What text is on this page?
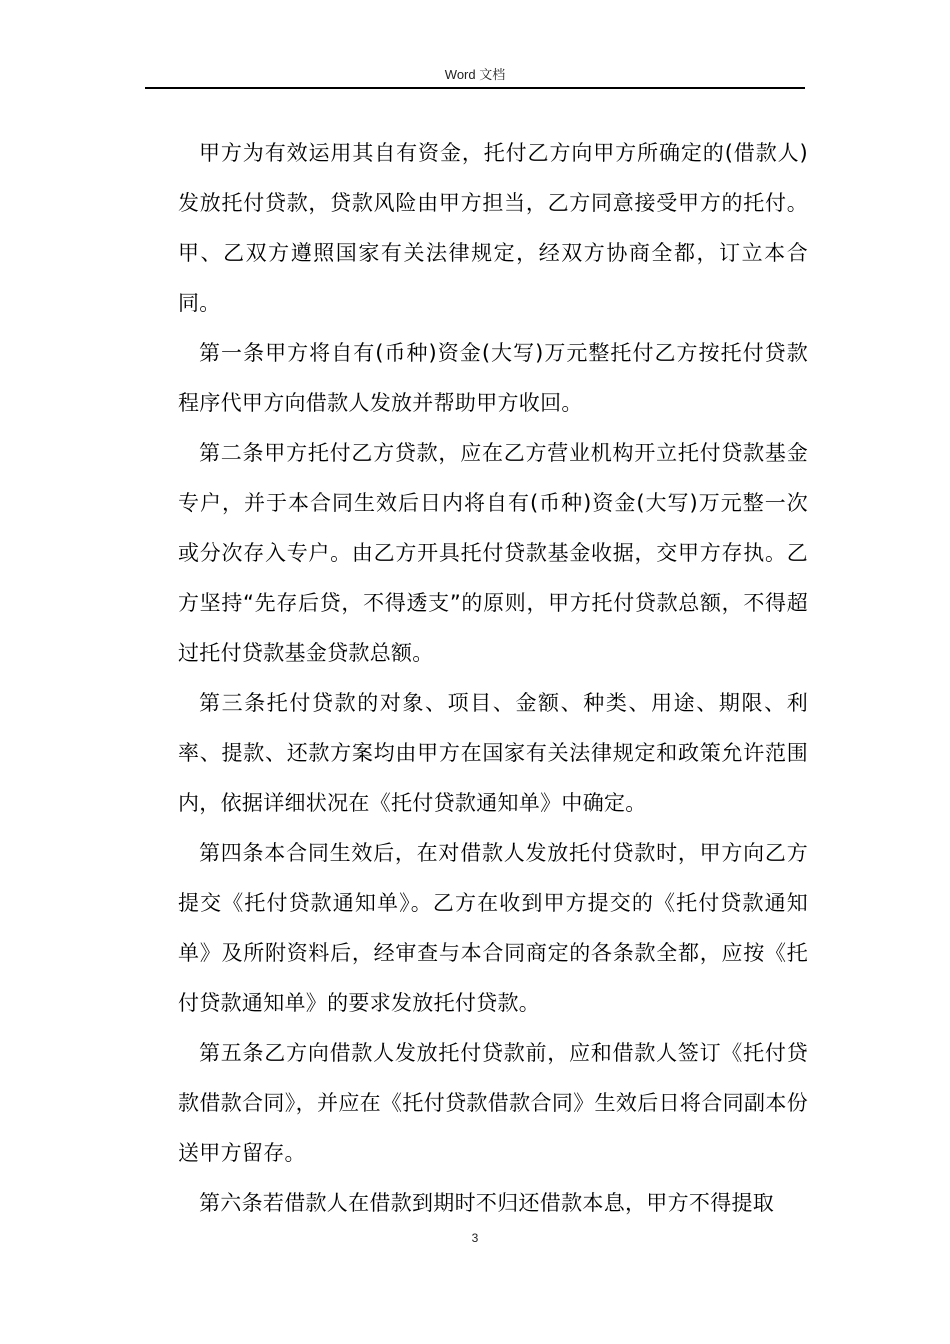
Word 文档

甲方为有效运用其自有资金，托付乙方向甲方所确定的(借款人)发放托付贷款，贷款风险由甲方担当，乙方同意接受甲方的托付。甲、乙双方遵照国家有关法律规定，经双方协商全都，订立本合同。

第一条甲方将自有(币种)资金(大写)万元整托付乙方按托付贷款程序代甲方向借款人发放并帮助甲方收回。

第二条甲方托付乙方贷款，应在乙方营业机构开立托付贷款基金专户，并于本合同生效后日内将自有(币种)资金(大写)万元整一次或分次存入专户。由乙方开具托付贷款基金收据，交甲方存执。乙方坚持“先存后贷，不得透支”的原则，甲方托付贷款总额，不得超过托付贷款基金贷款总额。

第三条托付贷款的对象、项目、金额、种类、用途、期限、利率、提款、还款方案均由甲方在国家有关法律规定和政策允许范围内，依据详细状况在《托付贷款通知单》中确定。

第四条本合同生效后，在对借款人发放托付贷款时，甲方向乙方提交《托付贷款通知单》。乙方在收到甲方提交的《托付贷款通知单》及所附资料后，经审查与本合同商定的各条款全都，应按《托付贷款通知单》的要求发放托付贷款。

第五条乙方向借款人发放托付贷款前，应和借款人签订《托付贷款借款合同》，并应在《托付贷款借款合同》生效后日将合同副本份送甲方留存。

第六条若借款人在借款到期时不归还借款本息，甲方不得提取

3
